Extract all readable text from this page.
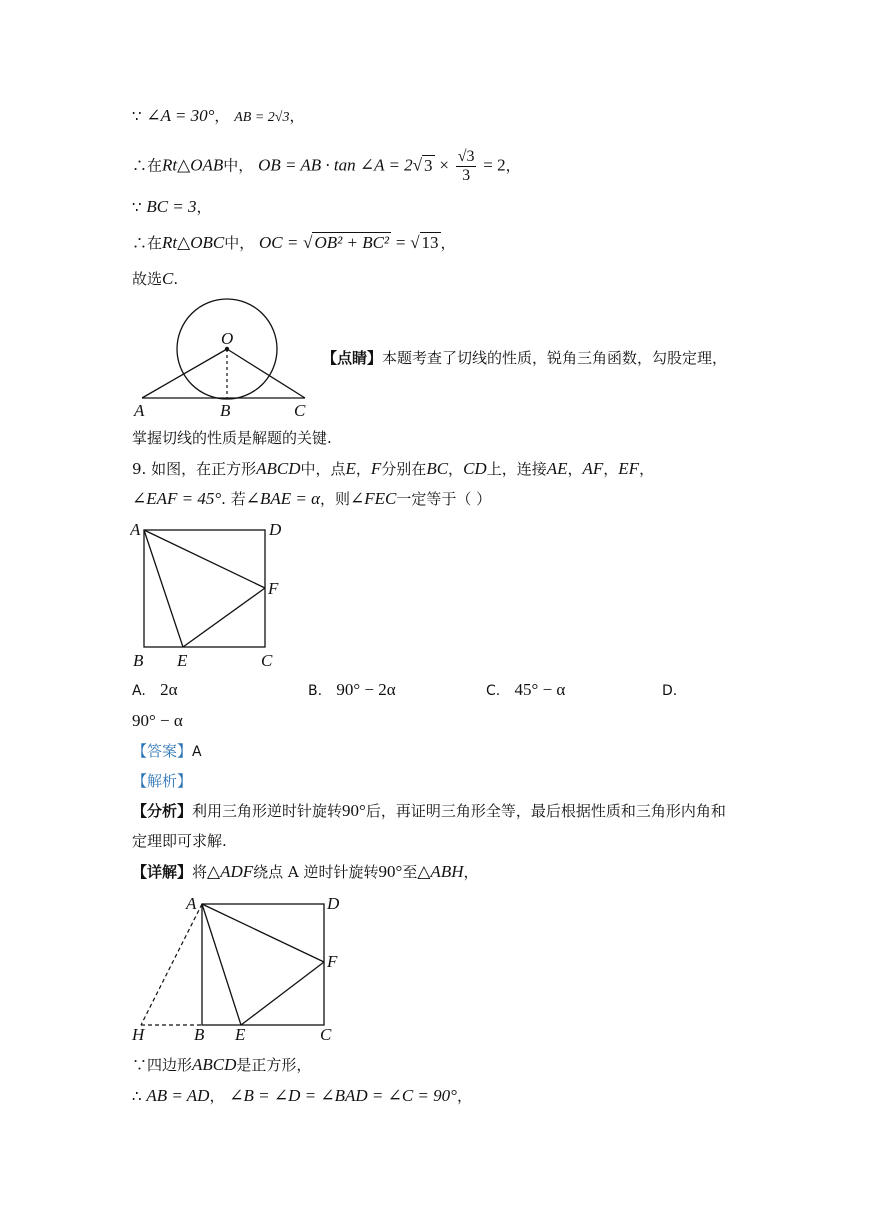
∵ ∠A = 30°， AB = 2√3，
∴在Rt△OAB中， OB = AB · tan ∠A = 2√ $3 \times \frac{√3}{3} = 2$，
∵ BC = 3，
∴在Rt△OBC中， OC = √ OB² + BC² = √ 13 ，
故选C.
O
A	B	C
【点睛】本题考查了切线的性质，锐角三角函数，勾股定理，
掌握切线的性质是解题的关键.
9. 如图，在正方形ABCD中，点E，F分别在BC，CD上，连接AE，AF，EF，
∠EAF = 45°. 若∠BAE = α，则∠FEC一定等于（ ）
A	D
F
B E	C
A. 2α	B. 90° − 2α	C. 45° − α	D.
90° − α
【答案】A
【解析】
【分析】利用三角形逆时针旋转90°后，再证明三角形全等，最后根据性质和三角形内角和
定理即可求解.
【详解】将△ADF绕点 A 逆时针旋转90°至△ABH，
A	D
F
H	B E	C
∵四边形ABCD是正方形，
∴ AB = AD， ∠B = ∠D = ∠BAD = ∠C = 90°，
